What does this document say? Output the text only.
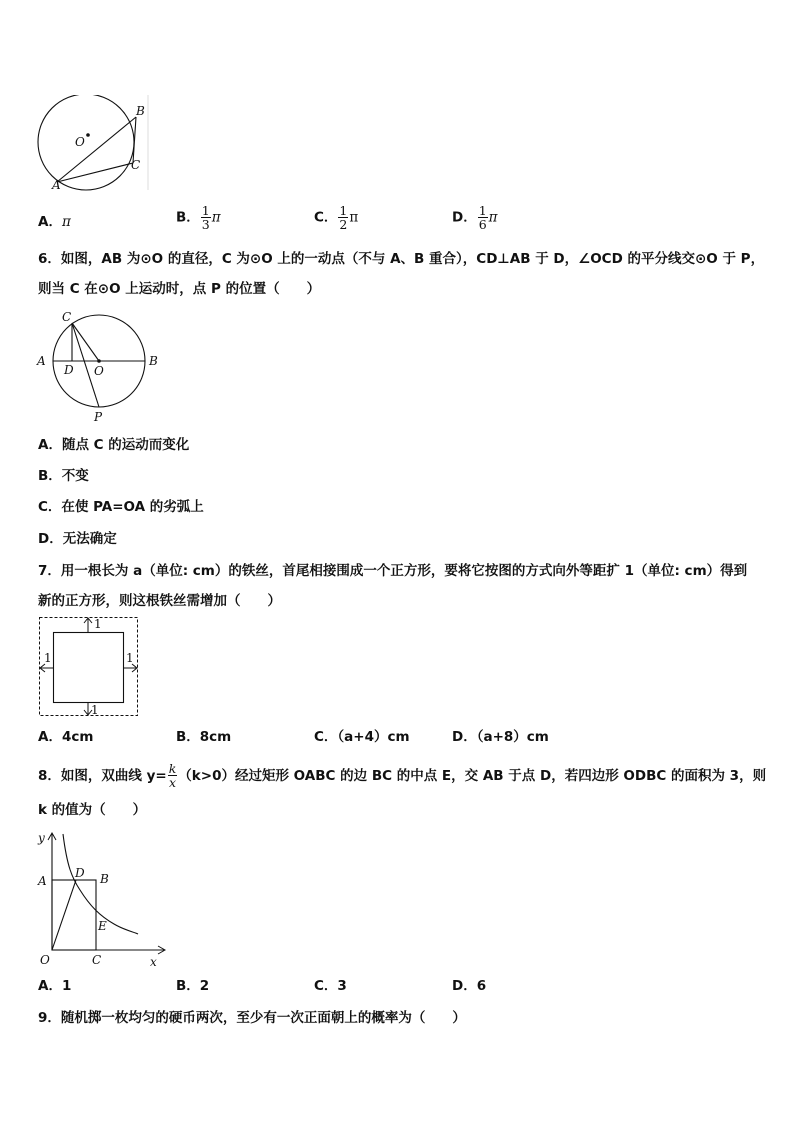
B
O
C
A
A．π	B． $\frac{1}{3}$ π	C． $\frac{1}{2}$ π	D． $\frac{1}{6}$ π
6．如图，AB 为⊙O 的直径，C 为⊙O 上的一动点（不与 A、B 重合），CD⊥AB 于 D，∠OCD 的平分线交⊙O 于 P，
则当 C 在⊙O 上运动时，点 P 的位置（　　）
C
A
D O
B
P
A．随点 C 的运动而变化
B．不变
C．在使 PA=OA 的劣弧上
D．无法确定
7．用一根长为 a（单位: cm）的铁丝，首尾相接围成一个正方形，要将它按图的方式向外等距扩 1（单位: cm）得到
新的正方形，则这根铁丝需增加（　　）
1
1	1
1
A．4cm	B．8cm	C．（a+4）cm	D．（a+8）cm
8．如图，双曲线 $y= \frac{k}{x} (k>0)$经过矩形 OABC 的边 BC 的中点 E，交 AB 于点 D，若四边形 ODBC 的面积为 3，则
k 的值为（　　）
y
A
D B
E
O	C	x
A．1	B．2	C．3	D．6
9．随机掷一枚均匀的硬币两次，至少有一次正面朝上的概率为（　　）
